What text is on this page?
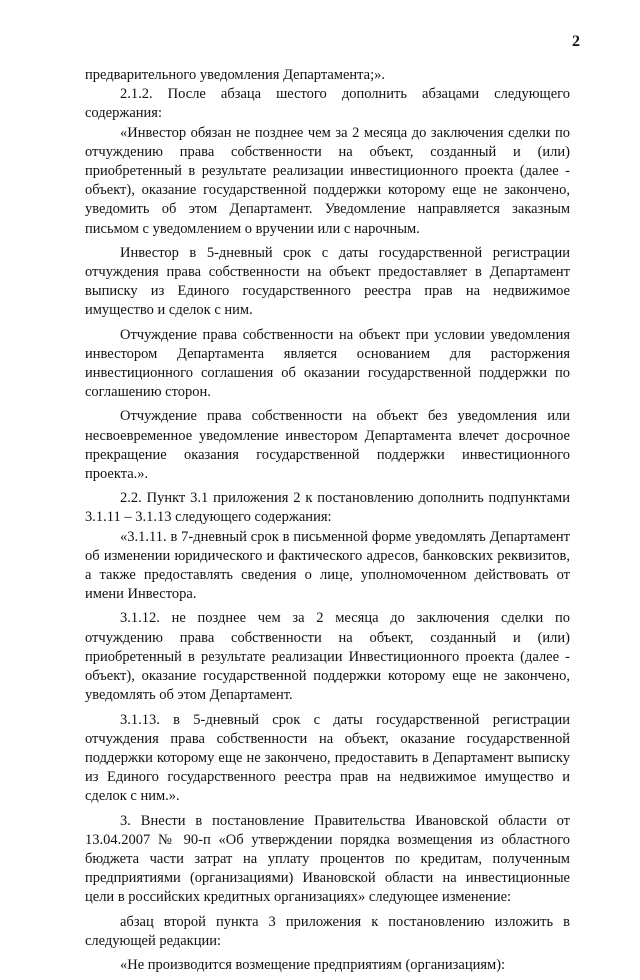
2

предварительного уведомления Департамента;».

2.1.2. После абзаца шестого дополнить абзацами следующего содержания:

«Инвестор обязан не позднее чем за 2 месяца до заключения сделки по отчуждению права собственности на объект, созданный и (или) приобретенный в результате реализации инвестиционного проекта (далее - объект), оказание государственной поддержки которому еще не закончено, уведомить об этом Департамент. Уведомление направляется заказным письмом с уведомлением о вручении или с нарочным.

Инвестор в 5-дневный срок с даты государственной регистрации отчуждения права собственности на объект предоставляет в Департамент выписку из Единого государственного реестра прав на недвижимое имущество и сделок с ним.

Отчуждение права собственности на объект при условии уведомления инвестором Департамента является основанием для расторжения инвестиционного соглашения об оказании государственной поддержки по соглашению сторон.

Отчуждение права собственности на объект без уведомления или несвоевременное уведомление инвестором Департамента влечет досрочное прекращение оказания государственной поддержки инвестиционного проекта.».

2.2. Пункт 3.1 приложения 2 к постановлению дополнить подпунктами 3.1.11 – 3.1.13 следующего содержания:

«3.1.11. в 7-дневный срок в письменной форме уведомлять Департамент об изменении юридического и фактического адресов, банковских реквизитов, а также предоставлять сведения о лице, уполномоченном действовать от имени Инвестора.

3.1.12. не позднее чем за 2 месяца до заключения сделки по отчуждению права собственности на объект, созданный и (или) приобретенный в результате реализации Инвестиционного проекта (далее - объект), оказание государственной поддержки которому еще не закончено, уведомлять об этом Департамент.

3.1.13. в 5-дневный срок с даты государственной регистрации отчуждения права собственности на объект, оказание государственной поддержки которому еще не закончено, предоставить в Департамент выписку из Единого государственного реестра прав на недвижимое имущество и сделок с ним.».

3. Внести в постановление Правительства Ивановской области от 13.04.2007 № 90-п «Об утверждении порядка возмещения из областного бюджета части затрат на уплату процентов по кредитам, полученным предприятиями (организациями) Ивановской области на инвестиционные цели в российских кредитных организациях» следующее изменение:

абзац второй пункта 3 приложения к постановлению изложить в следующей редакции:

«Не производится возмещение предприятиям (организациям):
